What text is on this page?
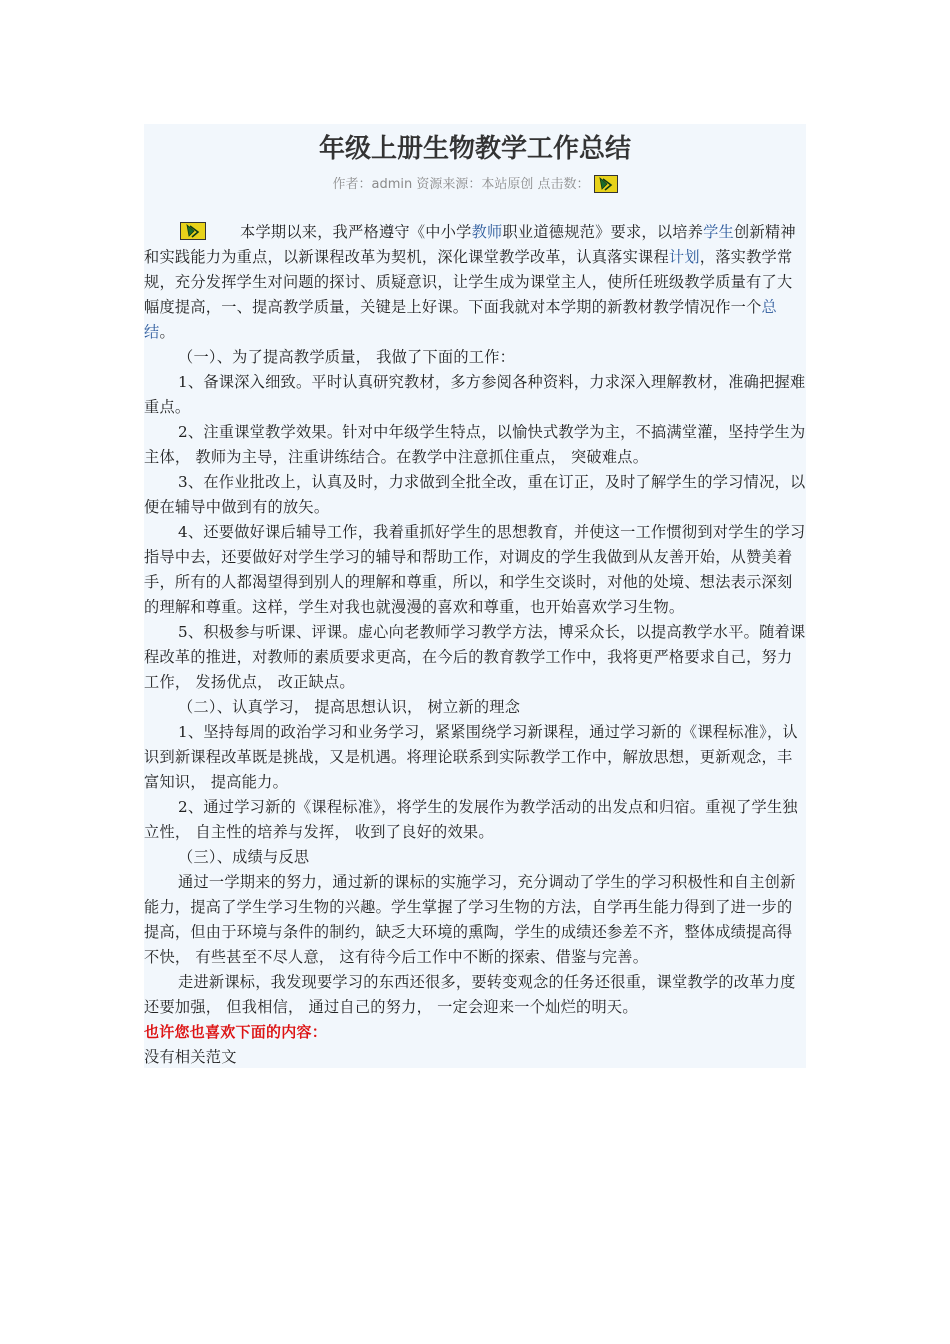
年级上册生物教学工作总结
作者：admin 资源来源：本站原创 点击数：

本学期以来，我严格遵守《中小学教师职业道德规范》要求，以培养学生创新精神和实践能力为重点，以新课程改革为契机，深化课堂教学改革，认真落实课程计划，落实教学常规，充分发挥学生对问题的探讨、质疑意识，让学生成为课堂主人，使所任班级教学质量有了大幅度提高，一、提高教学质量，关键是上好课。下面我就对本学期的新教材教学情况作一个总结。

（一）、为了提高教学质量， 我做了下面的工作：

1、备课深入细致。平时认真研究教材，多方参阅各种资料，力求深入理解教材，准确把握难重点。

2、注重课堂教学效果。针对中年级学生特点，以愉快式教学为主，不搞满堂灌，坚持学生为主体， 教师为主导，注重讲练结合。在教学中注意抓住重点， 突破难点。

3、在作业批改上，认真及时，力求做到全批全改，重在订正，及时了解学生的学习情况，以便在辅导中做到有的放矢。

4、还要做好课后辅导工作，我着重抓好学生的思想教育，并使这一工作惯彻到对学生的学习指导中去，还要做好对学生学习的辅导和帮助工作，对调皮的学生我做到从友善开始，从赞美着手，所有的人都渴望得到别人的理解和尊重，所以，和学生交谈时，对他的处境、想法表示深刻的理解和尊重。这样，学生对我也就漫漫的喜欢和尊重，也开始喜欢学习生物。

5、积极参与听课、评课。虚心向老教师学习教学方法，博采众长，以提高教学水平。随着课程改革的推进，对教师的素质要求更高，在今后的教育教学工作中，我将更严格要求自己，努力工作， 发扬优点， 改正缺点。

（二）、认真学习， 提高思想认识， 树立新的理念

1、坚持每周的政治学习和业务学习，紧紧围绕学习新课程，通过学习新的《课程标准》，认识到新课程改革既是挑战，又是机遇。将理论联系到实际教学工作中，解放思想，更新观念，丰富知识， 提高能力。

2、通过学习新的《课程标准》，将学生的发展作为教学活动的出发点和归宿。重视了学生独立性， 自主性的培养与发挥， 收到了良好的效果。

（三）、成绩与反思

通过一学期来的努力，通过新的课标的实施学习，充分调动了学生的学习积极性和自主创新能力，提高了学生学习生物的兴趣。学生掌握了学习生物的方法，自学再生能力得到了进一步的提高，但由于环境与条件的制约，缺乏大环境的熏陶，学生的成绩还参差不齐，整体成绩提高得不快， 有些甚至不尽人意， 这有待今后工作中不断的探索、借鉴与完善。

走进新课标，我发现要学习的东西还很多，要转变观念的任务还很重，课堂教学的改革力度还要加强， 但我相信， 通过自己的努力， 一定会迎来一个灿烂的明天。

也许您也喜欢下面的内容：

没有相关范文
